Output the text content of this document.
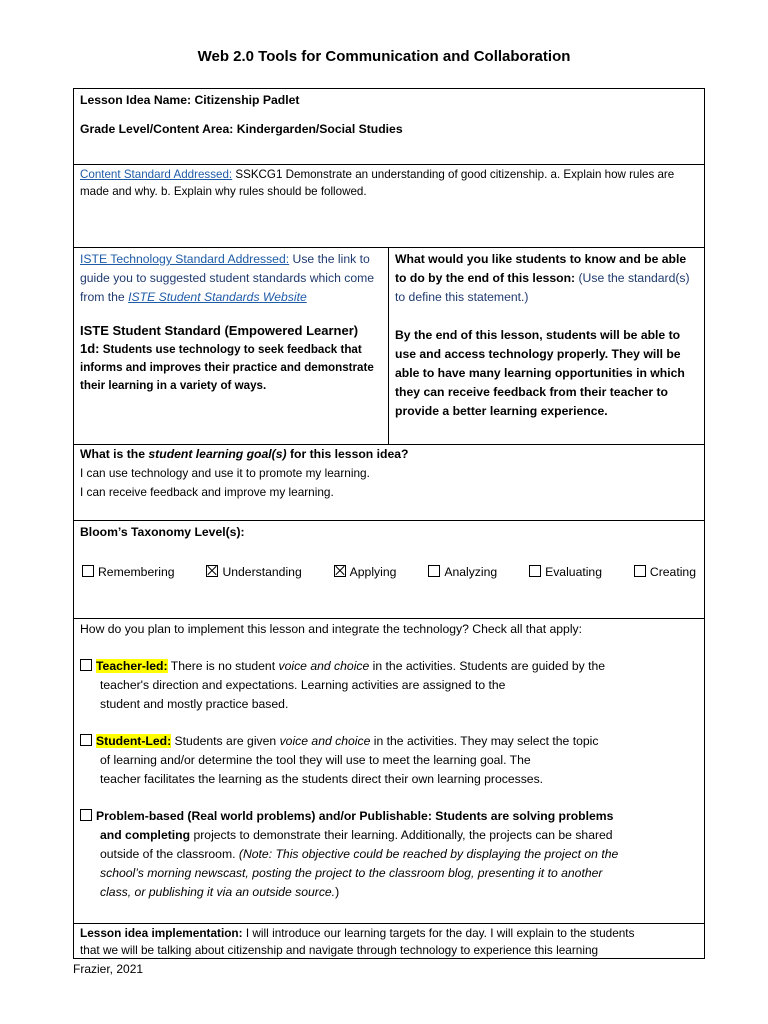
Web 2.0 Tools for Communication and Collaboration
Lesson Idea Name: Citizenship Padlet
Grade Level/Content Area: Kindergarden/Social Studies
Content Standard Addressed: SSKCG1 Demonstrate an understanding of good citizenship. a. Explain how rules are made and why. b. Explain why rules should be followed.
ISTE Technology Standard Addressed: Use the link to guide you to suggested student standards which come from the ISTE Student Standards Website
ISTE Student Standard (Empowered Learner)
1d: Students use technology to seek feedback that informs and improves their practice and demonstrate their learning in a variety of ways.
What would you like students to know and be able to do by the end of this lesson: (Use the standard(s) to define this statement.)
By the end of this lesson, students will be able to use and access technology properly. They will be able to have many learning opportunities in which they can receive feedback from their teacher to provide a better learning experience.
What is the student learning goal(s) for this lesson idea?
I can use technology and use it to promote my learning.
I can receive feedback and improve my learning.
Bloom’s Taxonomy Level(s):
Remembering	Understanding	Applying	Analyzing	Evaluating	Creating
How do you plan to implement this lesson and integrate the technology? Check all that apply:
Teacher-led: There is no student voice and choice in the activities. Students are guided by the
teacher's direction and expectations. Learning activities are assigned to the
student and mostly practice based.
Student-Led: Students are given voice and choice in the activities. They may select the topic
of learning and/or determine the tool they will use to meet the learning goal. The
teacher facilitates the learning as the students direct their own learning processes.
Problem-based (Real world problems) and/or Publishable: Students are solving problems
and completing projects to demonstrate their learning. Additionally, the projects can be shared
outside of the classroom. (Note: This objective could be reached by displaying the project on the
school’s morning newscast, posting the project to the classroom blog, presenting it to another
class, or publishing it via an outside source.)
Lesson idea implementation: I will introduce our learning targets for the day. I will explain to the students
that we will be talking about citizenship and navigate through technology to experience this learning
Frazier, 2021
